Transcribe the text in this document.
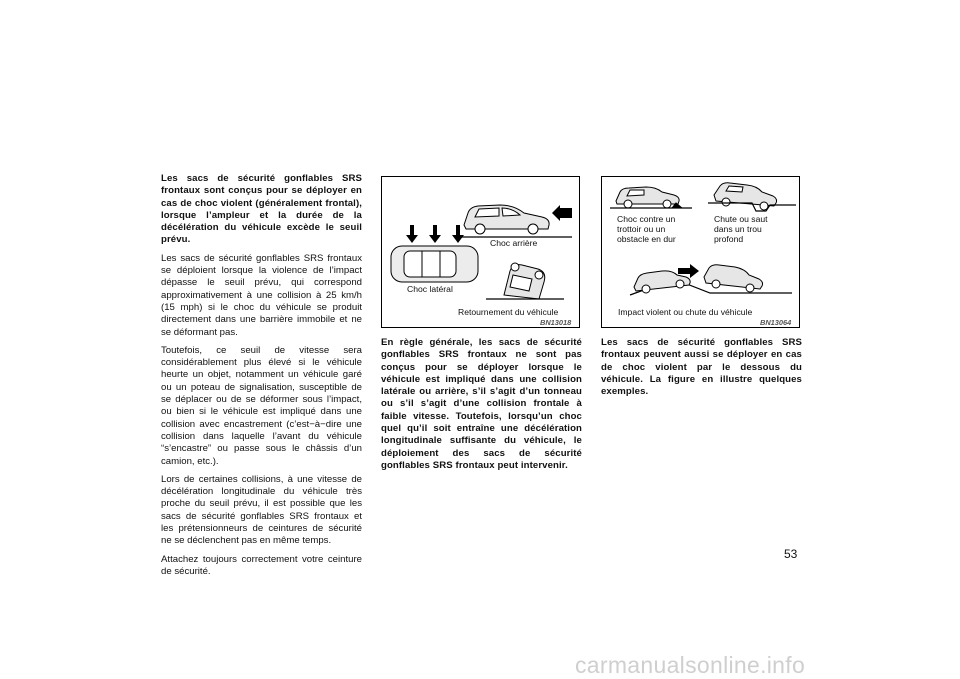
Les sacs de sécurité gonflables SRS frontaux sont conçus pour se déployer en cas de choc violent (généralement frontal), lorsque l’ampleur et la durée de la décélération du véhicule excède le seuil prévu.

Les sacs de sécurité gonflables SRS frontaux se déploient lorsque la violence de l’impact dépasse le seuil prévu, qui correspond approximativement à une collision à 25 km/h (15 mph) si le choc du véhicule se produit directement dans une barrière immobile et ne se déformant pas.

Toutefois, ce seuil de vitesse sera considérablement plus élevé si le véhicule heurte un objet, notamment un véhicule garé ou un poteau de signalisation, susceptible de se déplacer ou de se déformer sous l’impact, ou bien si le véhicule est impliqué dans une collision avec encastrement (c’est−à−dire une collision dans laquelle l’avant du véhicule “s’encastre” ou passe sous le châssis d’un camion, etc.).

Lors de certaines collisions, à une vitesse de décélération longitudinale du véhicule très proche du seuil prévu, il est possible que les sacs de sécurité gonflables SRS frontaux et les prétensionneurs de ceintures de sécurité ne se déclenchent pas en même temps.

Attachez toujours correctement votre ceinture de sécurité.

Choc arrière
Choc latéral
Retournement du véhicule
BN13018

En règle générale, les sacs de sécurité gonflables SRS frontaux ne sont pas conçus pour se déployer lorsque le véhicule est impliqué dans une collision latérale ou arrière, s’il s’agit d’un tonneau ou s’il s’agit d’une collision frontale à faible vitesse. Toutefois, lorsqu’un choc quel qu’il soit entraîne une décélération longitudinale suffisante du véhicule, le déploiement des sacs de sécurité gonflables SRS frontaux peut intervenir.

Choc contre un
trottoir ou un
obstacle en dur
Chute ou saut
dans un trou
profond
Impact violent ou chute du véhicule
BN13064

Les sacs de sécurité gonflables SRS frontaux peuvent aussi se déployer en cas de choc violent par le dessous du véhicule. La figure en illustre quelques exemples.

53
carmanualsonline.info
